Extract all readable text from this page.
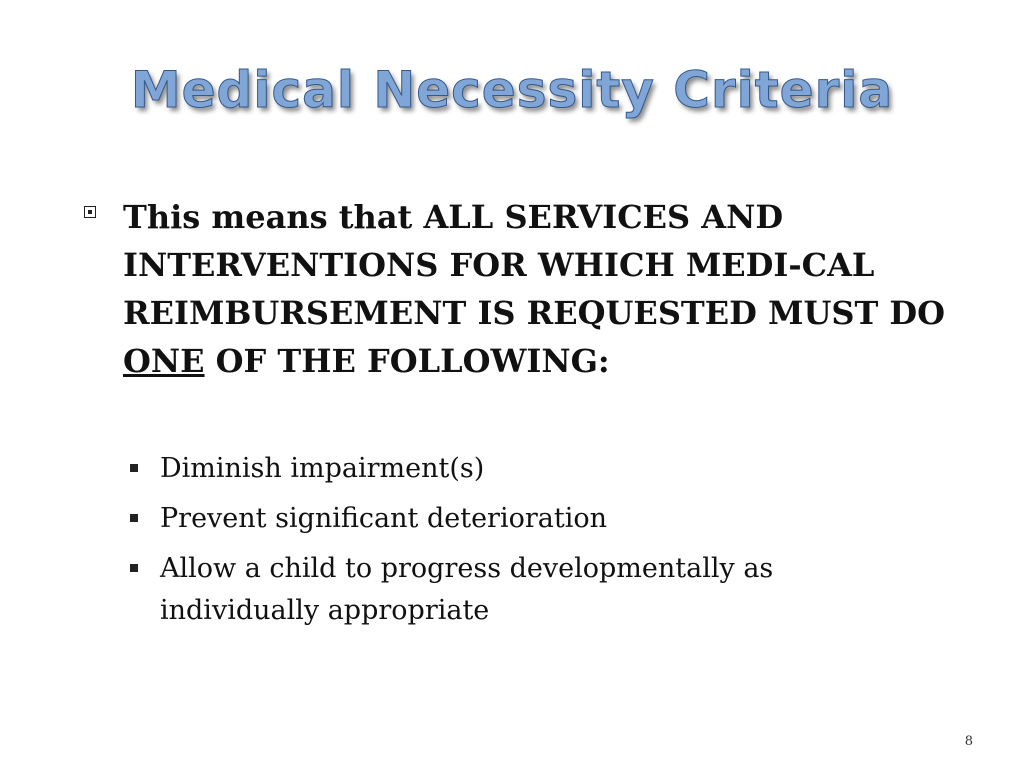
Medical Necessity Criteria
This means that ALL SERVICES AND INTERVENTIONS FOR WHICH MEDI-CAL REIMBURSEMENT IS REQUESTED MUST DO ONE OF THE FOLLOWING:
Diminish impairment(s)
Prevent significant deterioration
Allow a child to progress developmentally as individually appropriate
8
